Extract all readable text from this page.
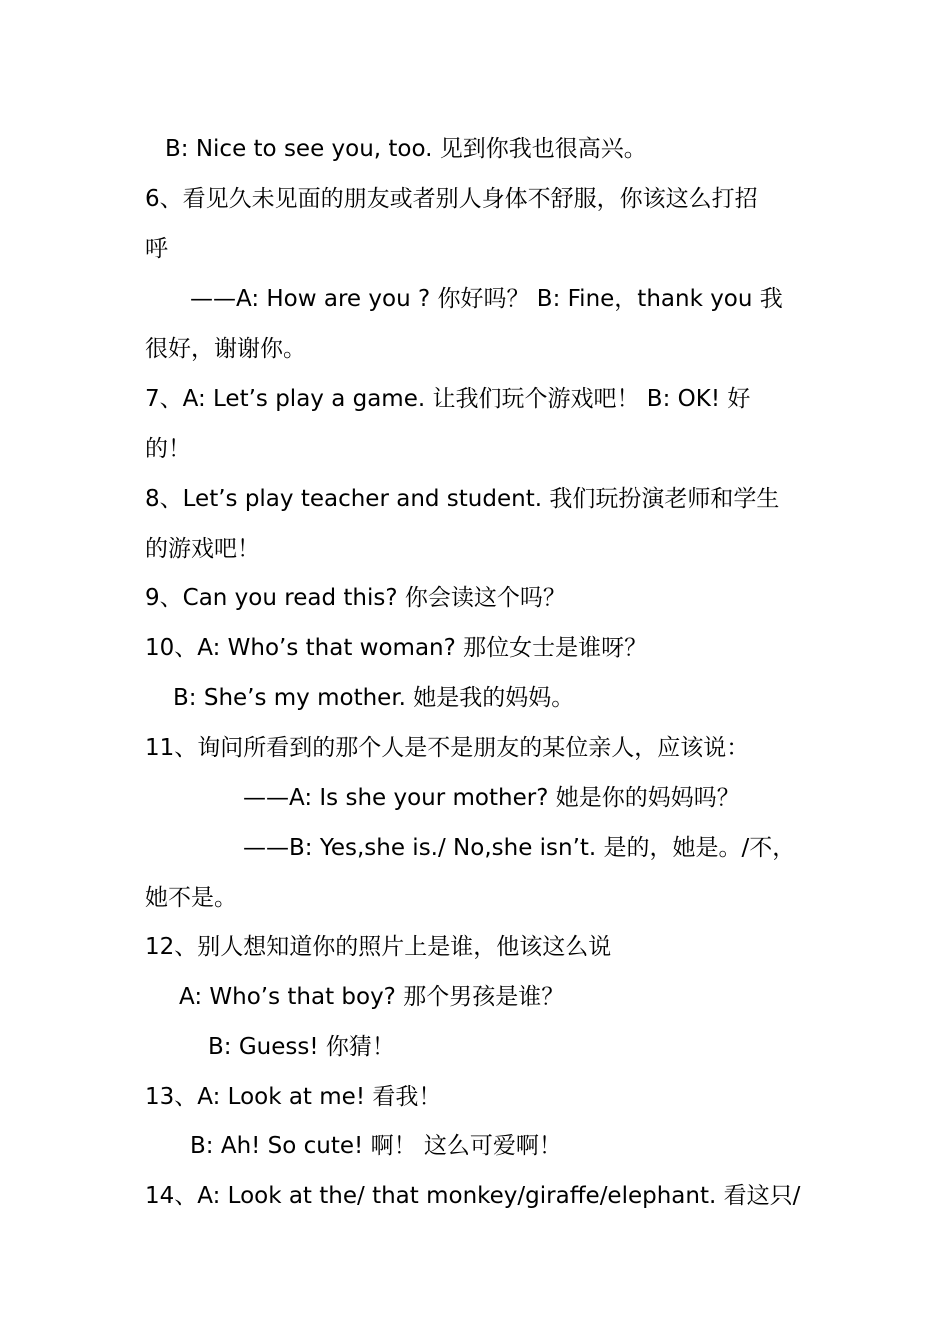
B: Nice to see you, too. 见到你我也很高兴。
6、看见久未见面的朋友或者别人身体不舒服，你该这么打招
呼
——A: How are you ? 你好吗？ B: Fine，thank you 我
很好，谢谢你。
7、A: Let’s play a game. 让我们玩个游戏吧！ B: OK! 好
的！
8、Let’s play teacher and student. 我们玩扮演老师和学生
的游戏吧！
9、Can you read this? 你会读这个吗？
10、A: Who’s that woman? 那位女士是谁呀？
B: She’s my mother. 她是我的妈妈。
11、询问所看到的那个人是不是朋友的某位亲人，应该说：
——A: Is she your mother? 她是你的妈妈吗？
——B: Yes,she is./ No,she isn’t. 是的，她是。/不，
她不是。
12、别人想知道你的照片上是谁，他该这么说
A: Who’s that boy? 那个男孩是谁？
B: Guess! 你猜！
13、A: Look at me! 看我！
B: Ah! So cute! 啊！ 这么可爱啊！
14、A: Look at the/ that monkey/giraffe/elephant. 看这只/
